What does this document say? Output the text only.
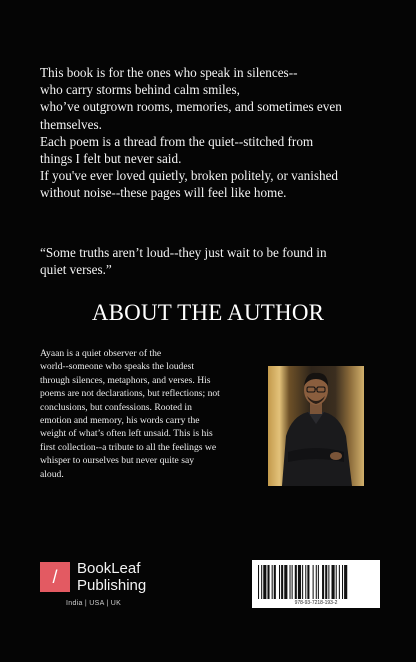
This book is for the ones who speak in silences--
who carry storms behind calm smiles,
who’ve outgrown rooms, memories, and sometimes even
themselves.
Each poem is a thread from the quiet--stitched from
things I felt but never said.
If you've ever loved quietly, broken politely, or vanished
without noise--these pages will feel like home.
“Some truths aren’t loud--they just wait to be found in
quiet verses.”
ABOUT THE AUTHOR
Ayaan is a quiet observer of the
world--someone who speaks the loudest
through silences, metaphors, and verses. His
poems are not declarations, but reflections; not
conclusions, but confessions. Rooted in
emotion and memory, his words carry the
weight of what’s often left unsaid. This is his
first collection--a tribute to all the feelings we
whisper to ourselves but never quite say
aloud.
/	BookLeaf
Publishing
India | USA | UK	978-93-7218-193-2
